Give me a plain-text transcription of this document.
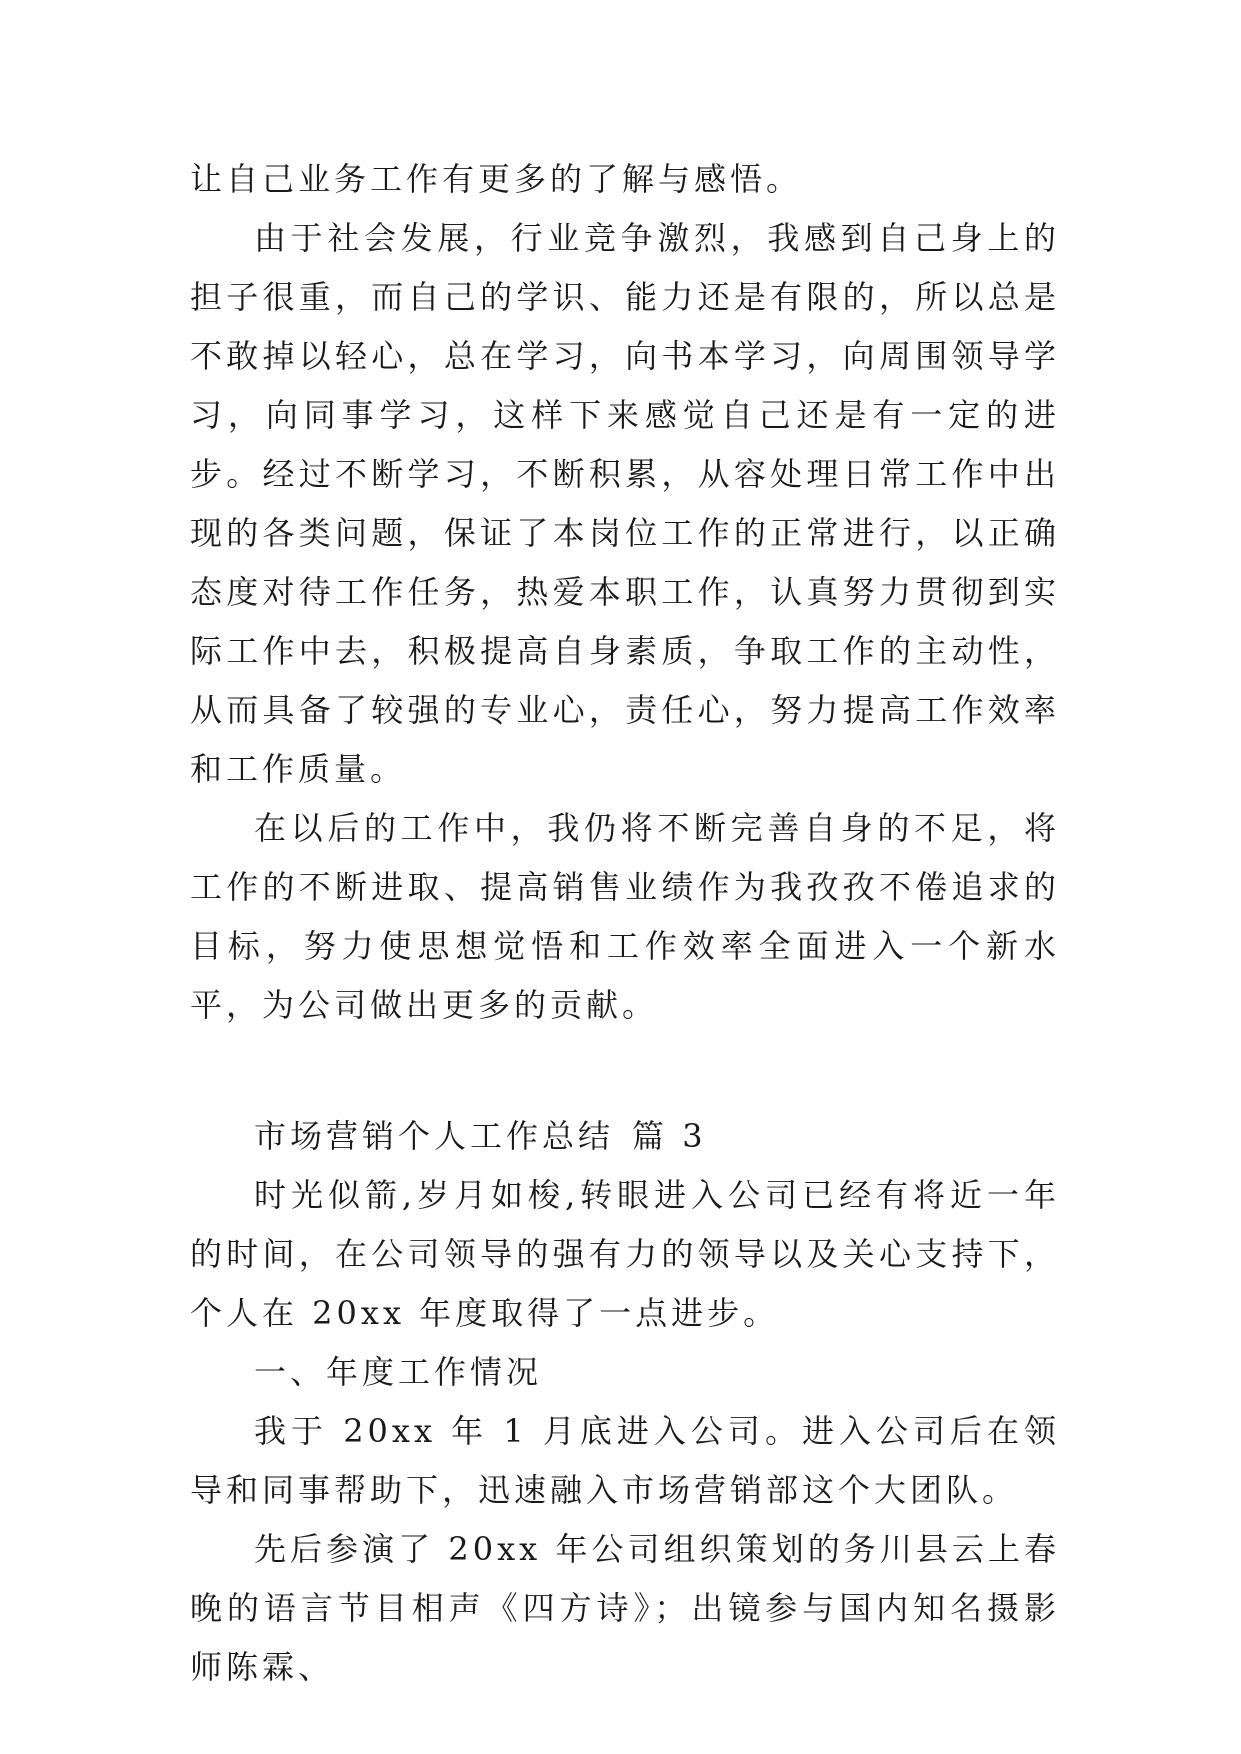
让自己业务工作有更多的了解与感悟。

由于社会发展，行业竞争激烈，我感到自己身上的担子很重，而自己的学识、能力还是有限的，所以总是不敢掉以轻心，总在学习，向书本学习，向周围领导学习，向同事学习，这样下来感觉自己还是有一定的进步。经过不断学习，不断积累，从容处理日常工作中出现的各类问题，保证了本岗位工作的正常进行，以正确态度对待工作任务，热爱本职工作，认真努力贯彻到实际工作中去，积极提高自身素质，争取工作的主动性，从而具备了较强的专业心，责任心，努力提高工作效率和工作质量。

在以后的工作中，我仍将不断完善自身的不足，将工作的不断进取、提高销售业绩作为我孜孜不倦追求的目标，努力使思想觉悟和工作效率全面进入一个新水平，为公司做出更多的贡献。

市场营销个人工作总结 篇 3

时光似箭,岁月如梭,转眼进入公司已经有将近一年的时间，在公司领导的强有力的领导以及关心支持下，个人在 20xx 年度取得了一点进步。

一、年度工作情况

我于 20xx 年 1 月底进入公司。进入公司后在领导和同事帮助下，迅速融入市场营销部这个大团队。

先后参演了 20xx 年公司组织策划的务川县云上春晚的语言节目相声《四方诗》；出镜参与国内知名摄影师陈霖、
